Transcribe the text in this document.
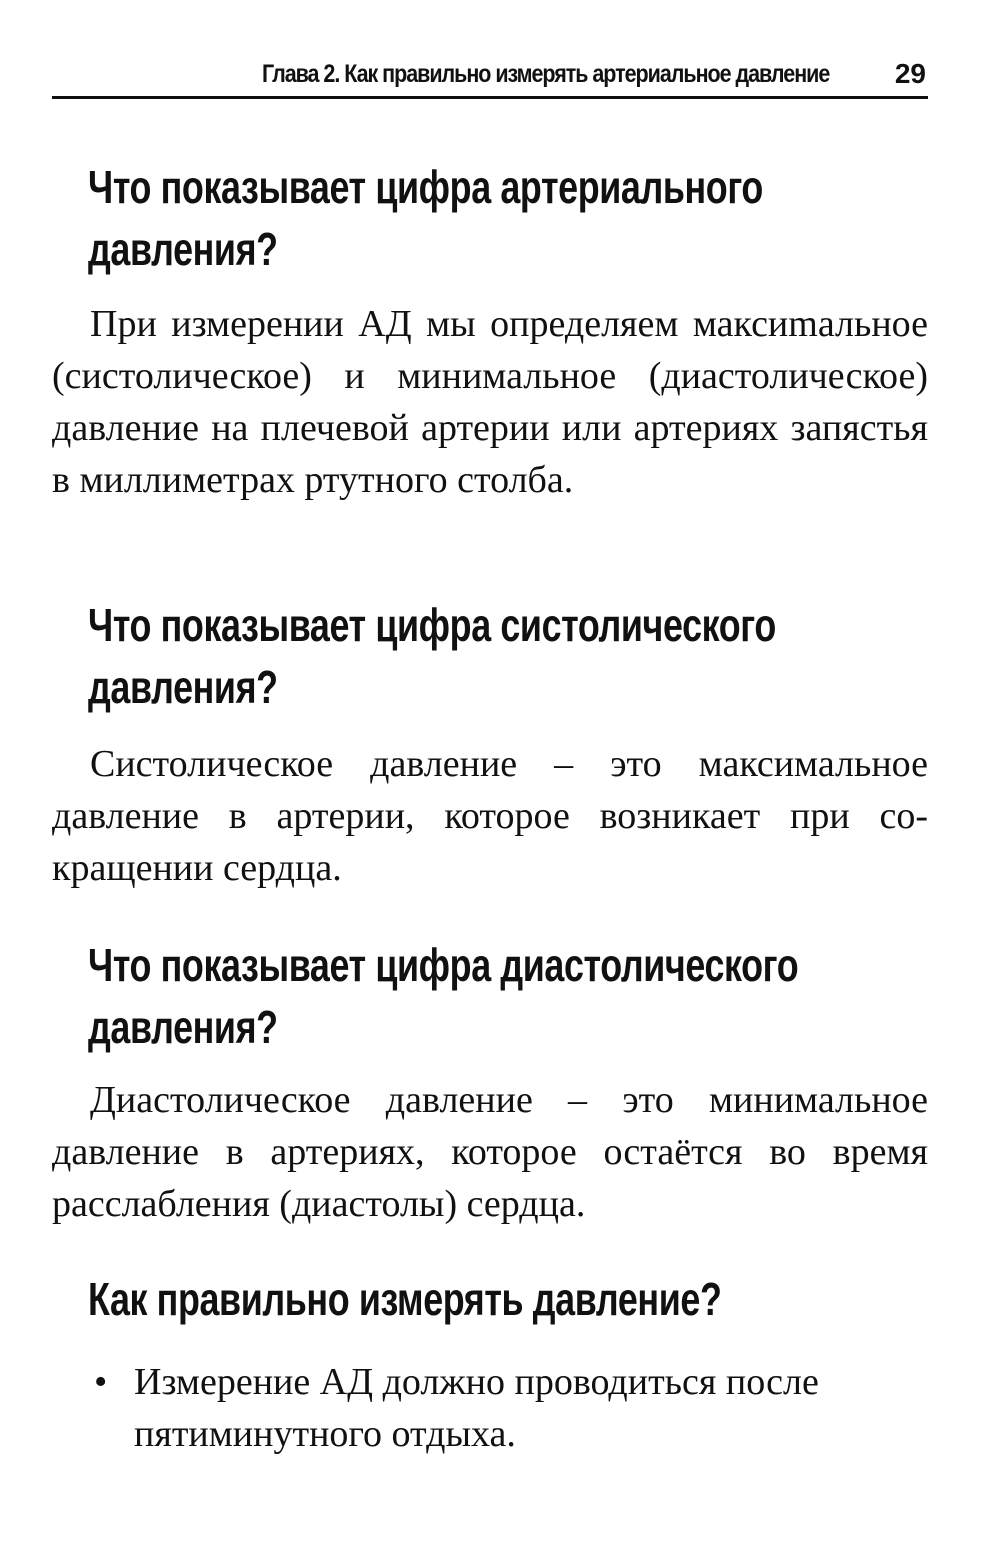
Глава 2. Как правильно измерять артериальное давление 29
Что показывает цифра артериального давления?

При измерении АД мы определяем максиmальное (систолическое) и минимальное (диастолическое) давление на плечевой артерии или артериях запястья в миллиметрах ртутного столба.

Что показывает цифра систолического давления?

Систолическое давление – это максимальное давление в артерии, которое возникает при сокращении сердца.

Что показывает цифра диастолического давления?

Диастолическое давление – это минимальное давление в артериях, которое остаётся во время расслабления (диастолы) сердца.

Как правильно измерять давление?
• Измерение АД должно проводиться после пятиминутного отдыха.
